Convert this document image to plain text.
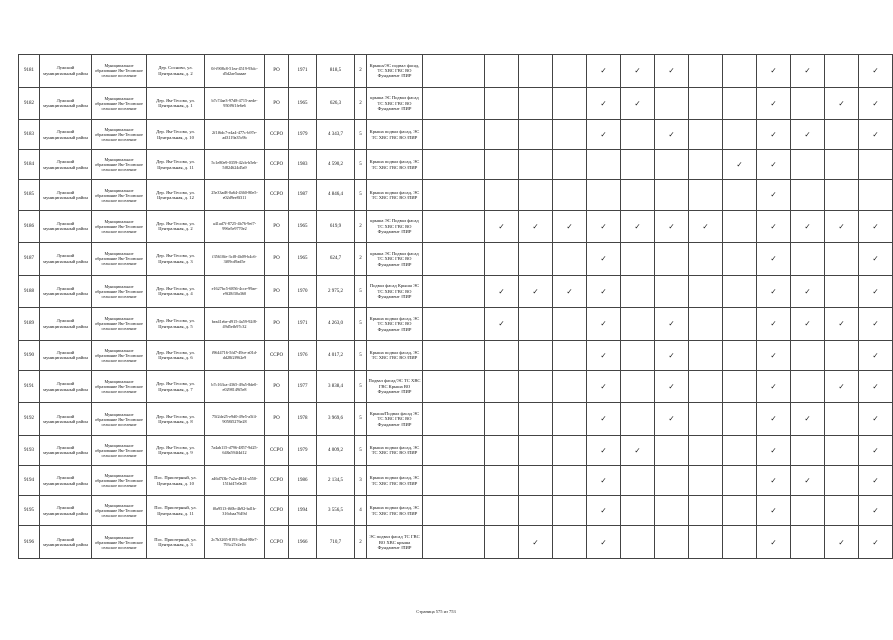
9181	Лужский муниципальный район	Муниципальное образование Ям-Тесовское сельское поселение	Дер. Сосново, ул. Центральная, д. 2	0f-f908c8-51ea-4519-93dc-d5d2ae5aaaae	РО	1971	818,5	2	Крыша/ЭС подвал фасад, ТС ХВС ГВС ВО Фундамент /ПИР					✓	✓	✓			✓	✓		✓
9182	Лужский муниципальный район	Муниципальное образование Ям-Тесовское сельское поселение	Дер. Ям-Тесово, ул. Центральная, д. 1	b7c74ae3-97d8-4715-aede-950f9f1fe6e6	РО	1965	626,3	2	крыша ЭС Подвал фасад ТС ХВС ГВС ВО Фундамент /ПИР					✓	✓				✓		✓	✓
9183	Лужский муниципальный район	Муниципальное образование Ям-Тесовское сельское поселение	Дер. Ям-Тесово, ул. Центральная, д. 10	2f1f6dc7-e4a4-477c-b97e-ad3119a35c9b	ССРО	1979	4 343,7	5	Крыша подвал фасад, ЭС ТС ХВС ГВС ВО /ПИР					✓		✓			✓	✓		✓
9184	Лужский муниципальный район	Муниципальное образование Ям-Тесовское сельское поселение	Дер. Ям-Тесово, ул. Центральная, д. 11	5c1e80e9-0359-42cb-b5eb-5f824624d5a9	ССРО	1983	4 590,2	5	Крыша подвал фасад, ЭС ТС ХВС ГВС ВО /ПИР									✓	✓			
9185	Лужский муниципальный район	Муниципальное образование Ям-Тесовское сельское поселение	Дер. Ям-Тесово, ул. Центральная, д. 12	25e33ad8-0a64-4360-80e5-e02d9ee8f311	ССРО	1987	4 846,4	5	Крыша подвал фасад, ЭС ТС ХВС ГВС ВО /ПИР										✓			
9186	Лужский муниципальный район	Муниципальное образование Ям-Тесовское сельское поселение	Дер. Ям-Тесово, ул. Центральная, д. 2	a41ad7f-8725-4b76-9ef7-996e5e9770e2	РО	1965	619,9	2	крыша ЭС Подвал фасад ТС ХВС ГВС ВО Фундамент /ПИР		✓	✓	✓	✓	✓	✓	✓		✓	✓	✓	✓
9187	Лужский муниципальный район	Муниципальное образование Ям-Тесовское сельское поселение	Дер. Ям-Тесово, ул. Центральная, д. 3	f35610fe-3cf8-4b09-b4c6-3f09cd9ad5e	РО	1965	624,7	2	крыша ЭС Подвал фасад ТС ХВС ГВС ВО Фундамент /ПИР					✓					✓			✓
9188	Лужский муниципальный район	Муниципальное образование Ям-Тесовское сельское поселение	Дер. Ям-Тесово, ул. Центральная, д. 4	e1627bc5-6856-4cce-99ae-e9f28f30a360	РО	1970	2 975,2	5	Подвал фасад Крыша ЭС ТС ХВС ГВС ВО Фундамент /ПИР		✓	✓	✓	✓					✓	✓		✓
9189	Лужский муниципальный район	Муниципальное образование Ям-Тесовское сельское поселение	Дер. Ям-Тесово, ул. Центральная, д. 5	bea41ebe-d915-4a59-92f8-49d5efb97c32	РО	1971	4 263,0	5	Крыша подвал фасад, ЭС ТС ХВС ГВС ВО Фундамент /ПИР		✓			✓		✓			✓	✓	✓	✓
9190	Лужский муниципальный район	Муниципальное образование Ям-Тесовское сельское поселение	Дер. Ям-Тесово, ул. Центральная, д. 6	f9644716-5fd7-49ce-a01d-dd28f2f962e9	ССРО	1976	4 017,2	5	Крыша подвал фасад, ЭС ТС ХВС ГВС ВО /ПИР					✓		✓			✓			✓
9191	Лужский муниципальный район	Муниципальное образование Ям-Тесовское сельское поселение	Дер. Ям-Тесово, ул. Центральная, д. 7	b7c163ca-4365-49a5-8de0-e0298149f5e8	РО	1977	3 838,4	5	Подвал фасад/ЭС ТС ХВС ГВС Крыша ВО Фундамент /ПИР					✓		✓			✓		✓	✓
9192	Лужский муниципальный район	Муниципальное образование Ям-Тесовское сельское поселение	Дер. Ям-Тесово, ул. Центральная, д. 8	75f2de25-e9d0-49e5-a5f4-9058f5276e28	РО	1978	3 969,6	5	Крыша/Подвал фасад ЭС ТС ХВС ГВС ВО Фундамент /ПИР					✓		✓			✓	✓		✓
9193	Лужский муниципальный район	Муниципальное образование Ям-Тесовское сельское поселение	Дер. Ям-Тесово, ул. Центральная, д. 9	7a4ab115-d796-4857-9d25-648a594f4d12	ССРО	1979	4 009,2	5	Крыша подвал фасад, ЭС ТС ХВС ГВС ВО /ПИР					✓	✓				✓			✓
9194	Лужский муниципальный район	Муниципальное образование Ям-Тесовское сельское поселение	Пос. Приозерный, ул. Центральная, д. 10	a46d7f3b-7a2a-4814-a550-151bf47e0e28	ССРО	1986	2 134,5	3	Крыша подвал фасад, ЭС ТС ХВС ГВС ВО /ПИР					✓					✓	✓		✓
9195	Лужский муниципальный район	Муниципальное образование Ям-Тесовское сельское поселение	Пос. Приозерный, ул. Центральная, д. 11	f0a9513-f60b-4b92-bd1b-316cbaa7649d	ССРО	1994	3 556,5	4	Крыша подвал фасад, ЭС ТС ХВС ГВС ВО /ПИР					✓					✓			✓
9196	Лужский муниципальный район	Муниципальное образование Ям-Тесовское сельское поселение	Пос. Приозерный, ул. Центральная, д. 3	2c7b3265-8193-46ad-88e7-793c27e2e1b	ССРО	1966	710,7	2	ЭС подвал фасад ТС ГВС ВО ХВС крыша Фундамент /ПИР			✓		✓					✓		✓	✓
Страница 575 из 753
